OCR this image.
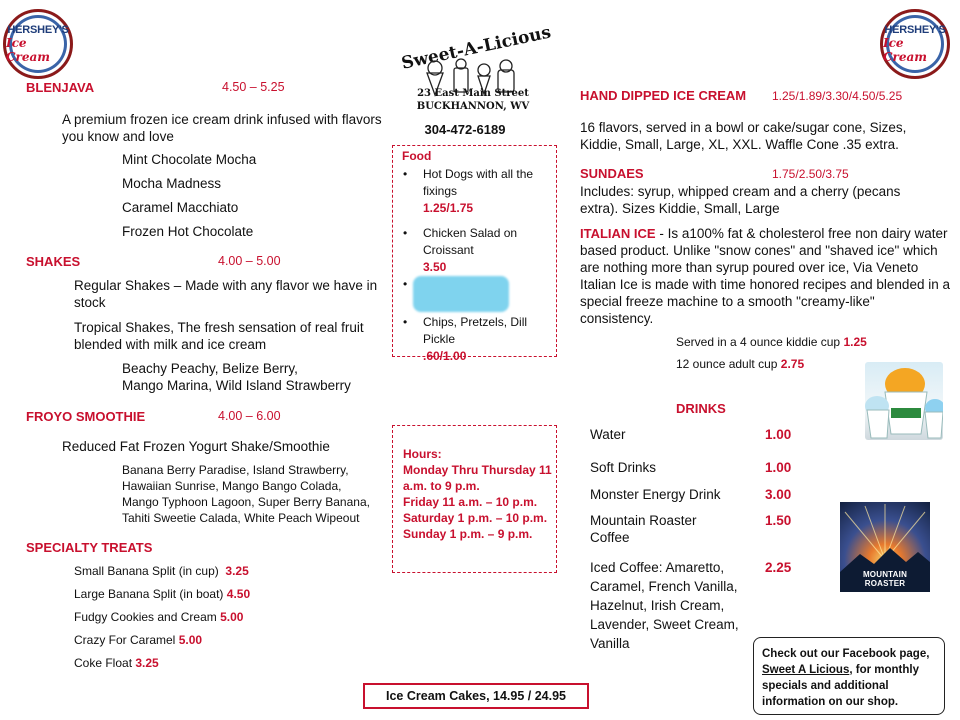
HERSHEY'S
Ice Cream
HERSHEY'S
Ice Cream
Sweet-A-Licious
23 East Main Street
BUCKHANNON, WV
304-472-6189
BLENJAVA	4.50 – 5.25
A premium frozen ice cream drink infused with flavors you know and love
Mint Chocolate Mocha
Mocha Madness
Caramel Macchiato
Frozen Hot Chocolate
SHAKES	4.00 – 5.00
Regular Shakes – Made with any flavor we have in stock
Tropical Shakes, The fresh sensation of real fruit blended with milk and ice cream
Beachy Peachy, Belize Berry,
Mango Marina, Wild Island Strawberry
FROYO SMOOTHIE	4.00 – 6.00
Reduced Fat Frozen Yogurt Shake/Smoothie
Banana Berry Paradise, Island Strawberry,
Hawaiian Sunrise, Mango Bango Colada,
Mango Typhoon Lagoon, Super Berry Banana,
Tahiti Sweetie Calada, White Peach Wipeout
SPECIALTY TREATS
Small Banana Split (in cup) 3.25
Large Banana Split (in boat) 4.50
Fudgy Cookies and Cream 5.00
Crazy For Caramel 5.00
Coke Float 3.25
Food
• Hot Dogs with all the fixings
1.25/1.75
• Chicken Salad on Croissant
3.50
•
• Chips, Pretzels, Dill Pickle
.60/1.00
Hours:
Monday Thru Thursday 11 a.m. to 9 p.m.
Friday 11 a.m. – 10 p.m.
Saturday 1 p.m. – 10 p.m.
Sunday 1 p.m. – 9 p.m.
Ice Cream Cakes, 14.95 / 24.95
HAND DIPPED ICE CREAM 1.25/1.89/3.30/4.50/5.25
16 flavors, served in a bowl or cake/sugar cone, Sizes, Kiddie, Small, Large, XL, XXL. Waffle Cone .35 extra.
SUNDAES	1.75/2.50/3.75
Includes: syrup, whipped cream and a cherry (pecans extra). Sizes Kiddie, Small, Large
ITALIAN ICE - Is a100% fat & cholesterol free non dairy water based product. Unlike "snow cones" and "shaved ice" which are nothing more than syrup poured over ice, Via Veneto Italian Ice is made with time honored recipes and blended in a special freeze machine to a smooth "creamy-like" consistency.
Served in a 4 ounce kiddie cup 1.25
12 ounce adult cup 2.75
DRINKS
Water	1.00
Soft Drinks	1.00
Monster Energy Drink	3.00
Mountain Roaster Coffee
1.50
Iced Coffee: Amaretto, Caramel, French Vanilla, Hazelnut, Irish Cream, Lavender, Sweet Cream, Vanilla
2.25	MOUNTAIN ROASTER
Check out our Facebook page, Sweet A Licious, for monthly specials and additional information on our shop.
